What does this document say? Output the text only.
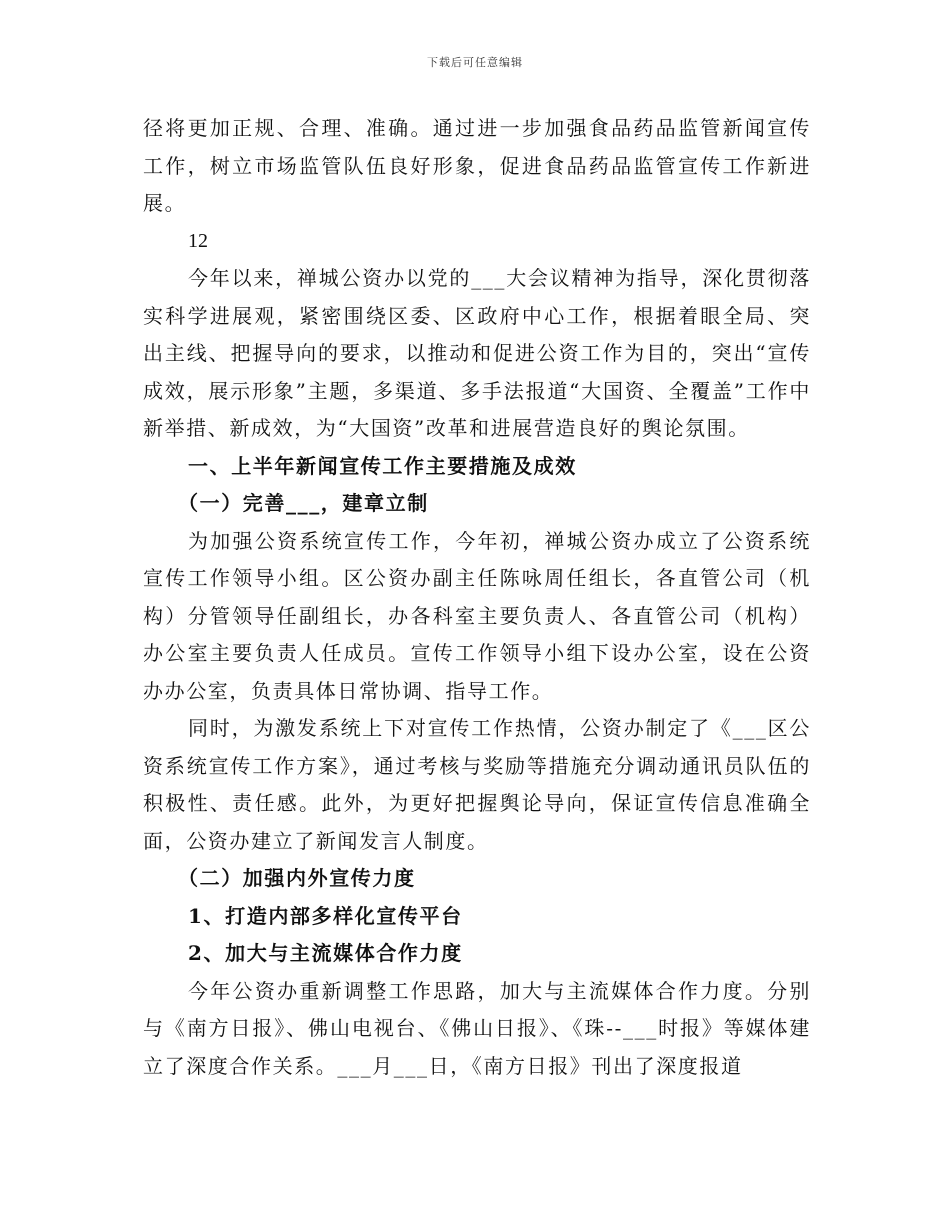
下载后可任意编辑

径将更加正规、合理、准确。通过进一步加强食品药品监管新闻宣传工作，树立市场监管队伍良好形象，促进食品药品监管宣传工作新进展。

12

今年以来，禅城公资办以党的___大会议精神为指导，深化贯彻落实科学进展观，紧密围绕区委、区政府中心工作，根据着眼全局、突出主线、把握导向的要求，以推动和促进公资工作为目的，突出“宣传成效，展示形象”主题，多渠道、多手法报道“大国资、全覆盖”工作中新举措、新成效，为“大国资”改革和进展营造良好的舆论氛围。

一、上半年新闻宣传工作主要措施及成效

（一）完善___，建章立制

为加强公资系统宣传工作，今年初，禅城公资办成立了公资系统宣传工作领导小组。区公资办副主任陈咏周任组长，各直管公司（机构）分管领导任副组长，办各科室主要负责人、各直管公司（机构）办公室主要负责人任成员。宣传工作领导小组下设办公室，设在公资办办公室，负责具体日常协调、指导工作。

同时，为激发系统上下对宣传工作热情，公资办制定了《___区公资系统宣传工作方案》，通过考核与奖励等措施充分调动通讯员队伍的积极性、责任感。此外，为更好把握舆论导向，保证宣传信息准确全面，公资办建立了新闻发言人制度。

（二）加强内外宣传力度

1、打造内部多样化宣传平台

2、加大与主流媒体合作力度

今年公资办重新调整工作思路，加大与主流媒体合作力度。分别与《南方日报》、佛山电视台、《佛山日报》、《珠--___时报》等媒体建立了深度合作关系。___月___日，《南方日报》刊出了深度报道
